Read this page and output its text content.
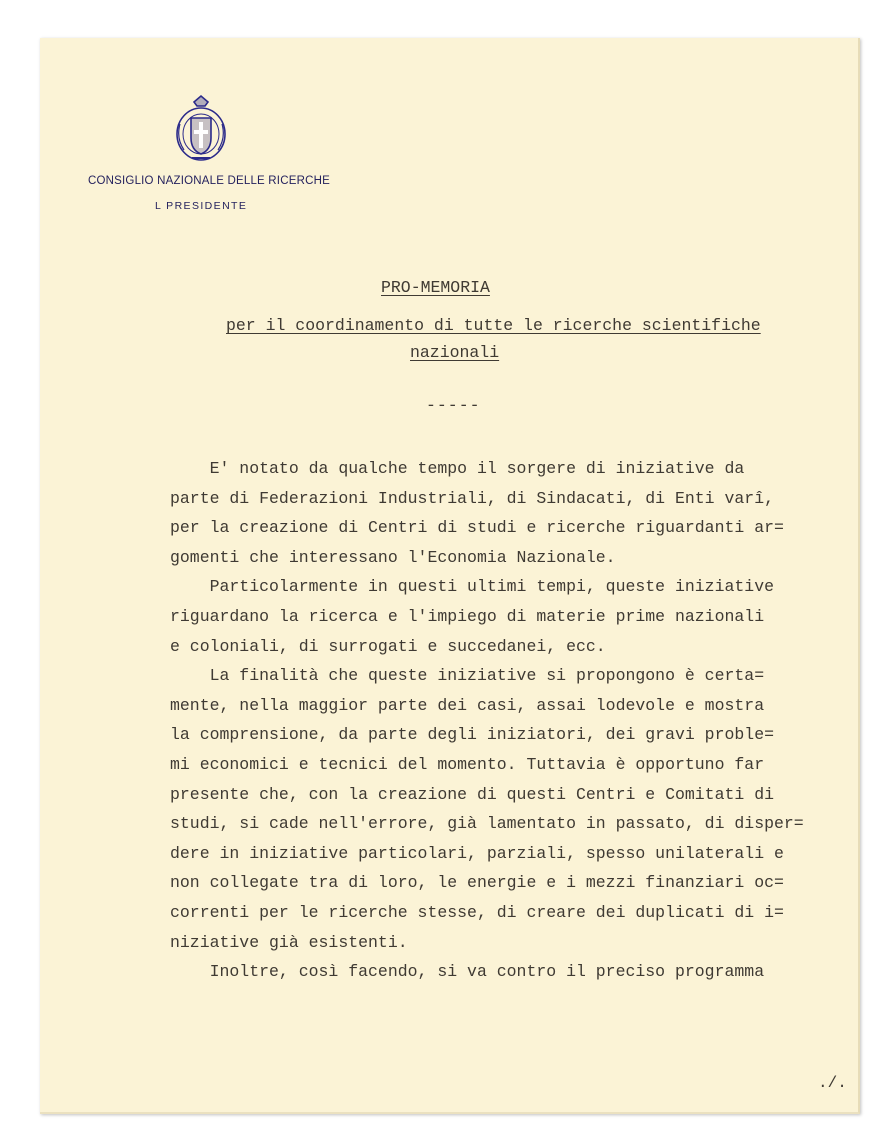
CONSIGLIO NAZIONALE DELLE RICERCHE
L PRESIDENTE
PRO-MEMORIA
per il coordinamento di tutte le ricerche scientifiche
nazionali
-----
E' notato da qualche tempo il sorgere di iniziative da
parte di Federazioni Industriali, di Sindacati, di Enti varî,
per la creazione di Centri di studi e ricerche riguardanti ar=
gomenti che interessano l'Economia Nazionale.
Particolarmente in questi ultimi tempi, queste iniziative
riguardano la ricerca e l'impiego di materie prime nazionali
e coloniali, di surrogati e succedanei, ecc.
La finalità che queste iniziative si propongono è certa=
mente, nella maggior parte dei casi, assai lodevole e mostra
la comprensione, da parte degli iniziatori, dei gravi proble=
mi economici e tecnici del momento. Tuttavia è opportuno far
presente che, con la creazione di questi Centri e Comitati di
studi, si cade nell'errore, già lamentato in passato, di disper=
dere in iniziative particolari, parziali, spesso unilaterali e
non collegate tra di loro, le energie e i mezzi finanziari oc=
correnti per le ricerche stesse, di creare dei duplicati di i=
niziative già esistenti.
Inoltre, così facendo, si va contro il preciso programma
./.
